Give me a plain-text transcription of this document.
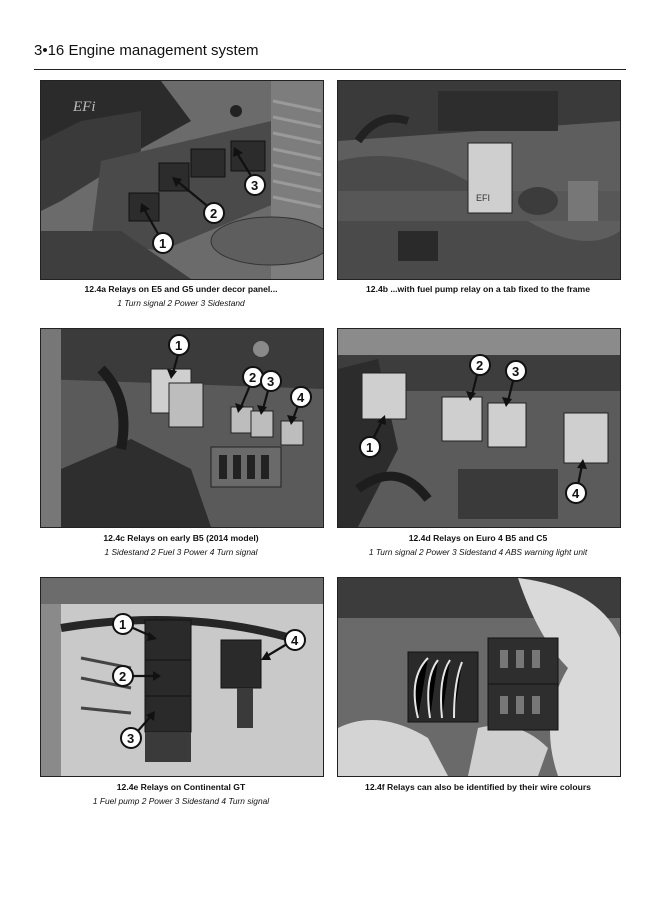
3•16 Engine management system
EFi
1
2
3
12.4a Relays on E5 and G5 under decor panel...
1 Turn signal 2 Power 3 Sidestand
EFI
12.4b ...with fuel pump relay on a tab fixed to the frame
1
2 3
4
12.4c Relays on early B5 (2014 model)
1 Sidestand 2 Fuel 3 Power 4 Turn signal
1
2 3
4
12.4d Relays on Euro 4 B5 and C5
1 Turn signal 2 Power 3 Sidestand 4 ABS warning light unit
1
2
3
4
12.4e Relays on Continental GT
1 Fuel pump 2 Power 3 Sidestand 4 Turn signal
12.4f Relays can also be identified by their wire colours
